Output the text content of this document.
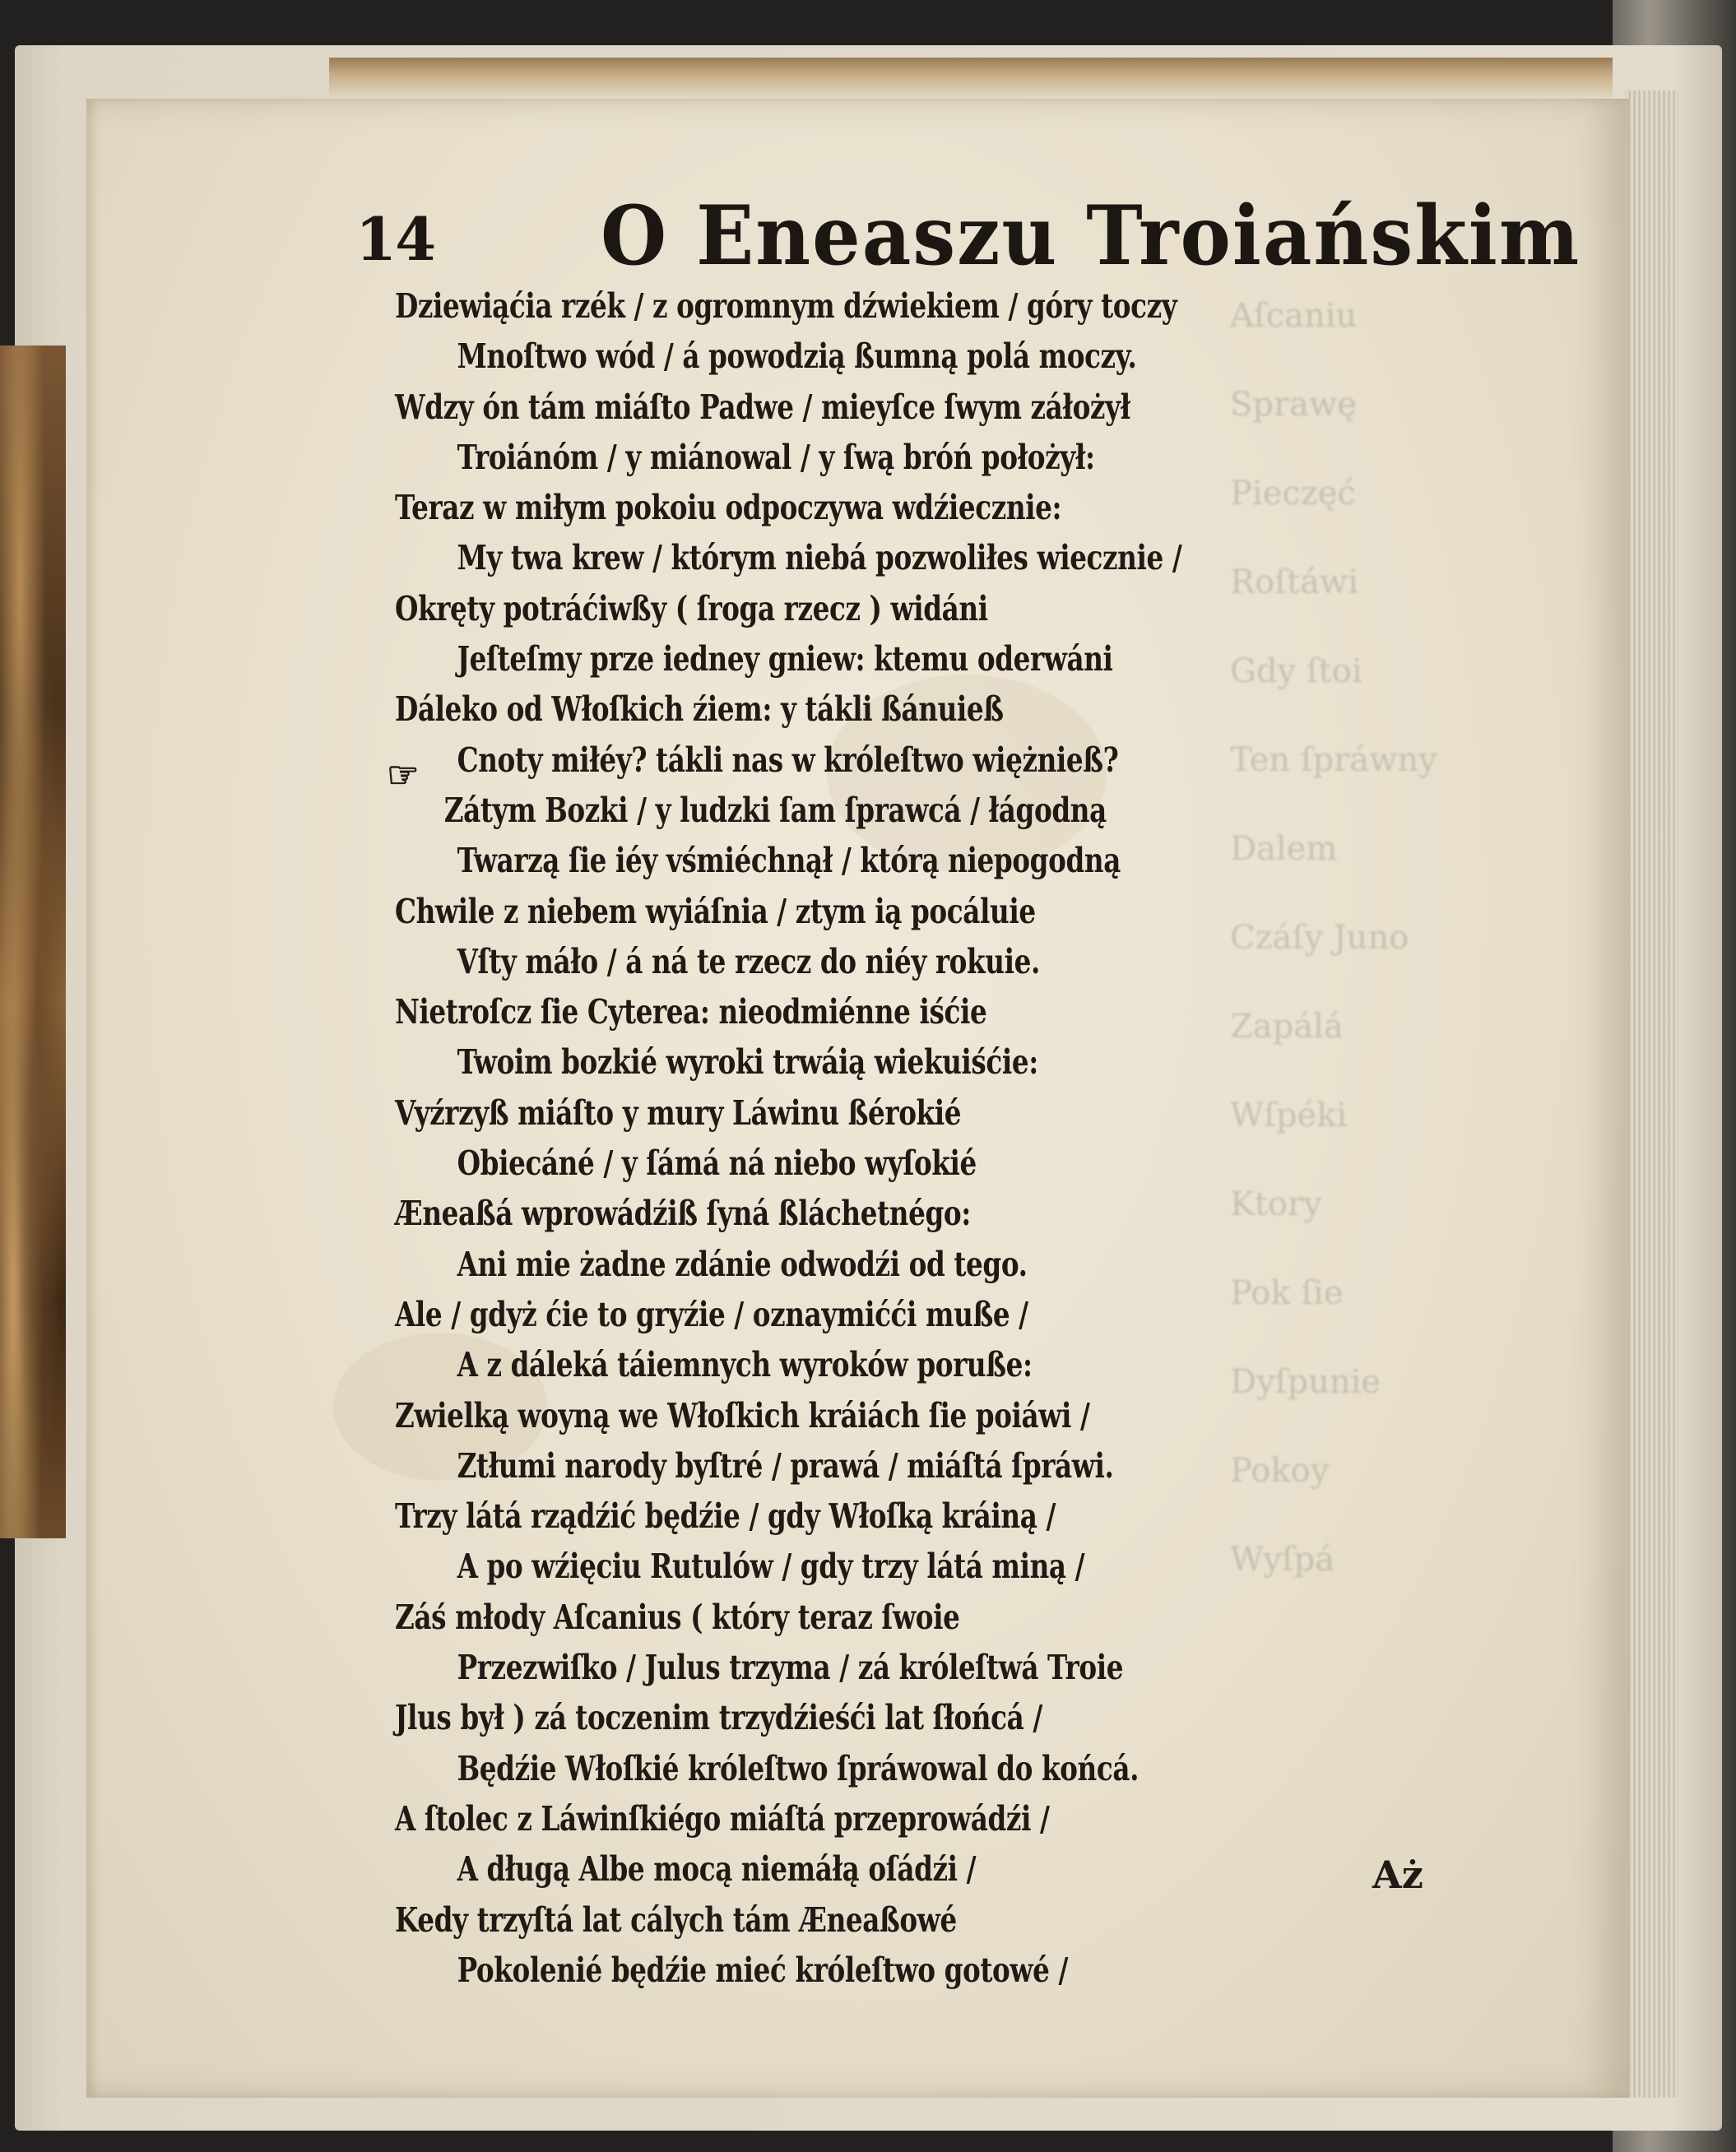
Aſcaniu
Sprawę
Pieczęć
Roſtáwi
Gdy ſtoi
Ten ſpráwny
Dalem
Czáſy Juno
Zapálá
Wſpéki
Ktory
Pok ſie
Dyſpunie
Pokoy
Wyſpá
14 O Eneaszu Troiańskim
☞
Dziewiąćia rzék / z ogromnym dźwiekiem / góry toczy
Mnoſtwo wód / á powodzią ßumną polá moczy.
Wdzy ón tám miáſto Padwe / mieyſce ſwym záłożył
Troiánóm / y miánowal / y ſwą bróń położył:
Teraz w miłym pokoiu odpoczywa wdźiecznie:
My twa krew / którym niebá pozwoliłes wiecznie /
Okręty potráćiwßy ( ſroga rzecz ) widáni
Jeſteſmy prze iedney gniew: ktemu oderwáni
Dáleko od Włoſkich źiem: y tákli ßánuieß
Cnoty miłéy? tákli nas w króleſtwo więżnieß?
Zátym Bozki / y ludzki ſam ſprawcá / łágodną
Twarzą ſie iéy vśmiéchnął / którą niepogodną
Chwile z niebem wyiáſnia / ztym ią pocáluie
Vſty máło / á ná te rzecz do niéy rokuie.
Nietroſcz ſie Cyterea: nieodmiénne iśćie
Twoim bozkié wyroki trwáią wiekuiśćie:
Vyźrzyß miáſto y mury Láwinu ßérokié
Obiecáné / y ſámá ná niebo wyſokié
Æneaßá wprowádźiß ſyná ßláchetnégo:
Ani mie żadne zdánie odwodźi od tego.
Ale / gdyż ćie to gryźie / oznaymićći muße /
A z dáleká táiemnych wyroków poruße:
Zwielką woyną we Włoſkich kráiách ſie poiáwi /
Ztłumi narody byſtré / prawá / miáſtá ſpráwi.
Trzy látá rządźić będźie / gdy Włoſką kráiną /
A po wźięciu Rutulów / gdy trzy látá miną /
Záś młody Aſcanius ( który teraz ſwoie
Przezwiſko / Julus trzyma / zá króleſtwá Troie
Jlus był ) zá toczenim trzydźieśći lat ſłońcá /
Będźie Włoſkié króleſtwo ſpráwowal do końcá.
A ſtolec z Láwinſkiégo miáſtá przeprowádźi /
A długą Albe mocą niemáłą oſádźi /
Kedy trzyſtá lat cálych tám Æneaßowé
Pokolenié będźie mieć króleſtwo gotowé /
Aż
